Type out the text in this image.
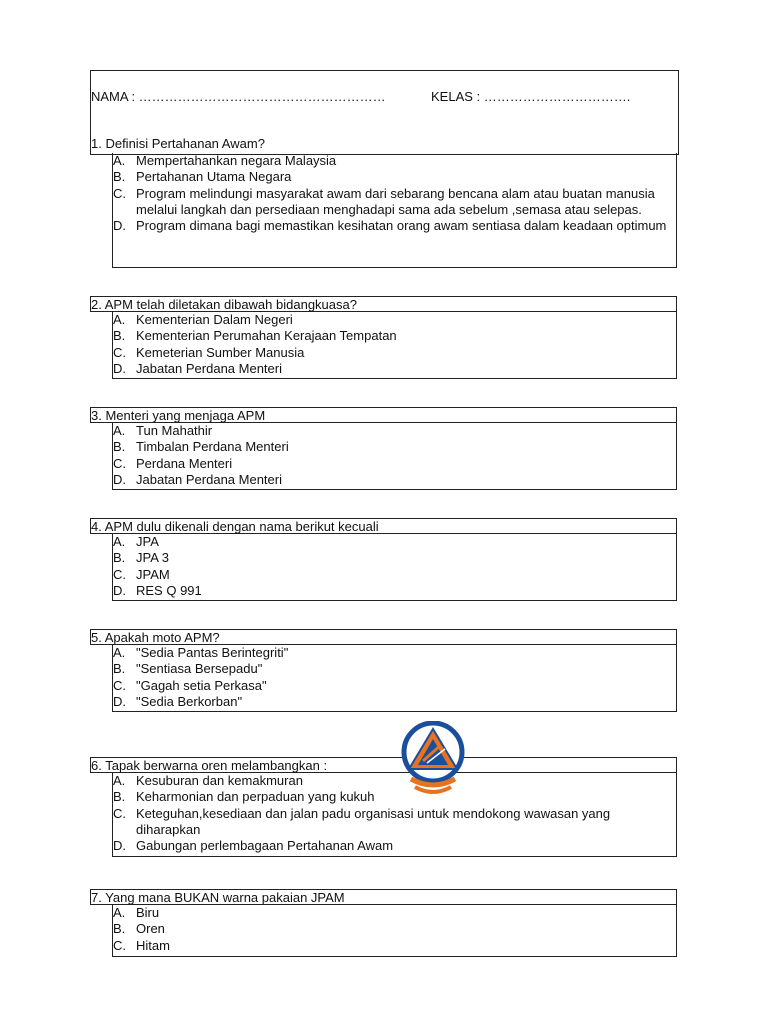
NAMA : …………………………………………………	KELAS : …………………………….
1. Definisi Pertahanan Awam?
A. Mempertahankan negara Malaysia
B. Pertahanan Utama Negara
C. Program melindungi masyarakat awam dari sebarang bencana alam atau buatan manusia melalui langkah dan persediaan menghadapi sama ada sebelum ,semasa atau selepas.
D. Program dimana bagi memastikan kesihatan orang awam sentiasa dalam keadaan optimum
2. APM telah diletakan dibawah bidangkuasa?
A. Kementerian Dalam Negeri
B. Kementerian Perumahan Kerajaan Tempatan
C. Kemeterian Sumber Manusia
D. Jabatan Perdana Menteri
3. Menteri yang menjaga APM
A. Tun Mahathir
B. Timbalan Perdana Menteri
C. Perdana Menteri
D. Jabatan Perdana Menteri
4. APM dulu dikenali dengan nama berikut kecuali
A. JPA
B. JPA 3
C. JPAM
D. RES Q 991
5. Apakah moto APM?
A. "Sedia Pantas Berintegriti"
B. "Sentiasa Bersepadu"
C. "Gagah setia Perkasa"
D. "Sedia Berkorban"
6. Tapak berwarna oren melambangkan :
A. Kesuburan dan kemakmuran
B. Keharmonian dan perpaduan yang kukuh
C. Keteguhan,kesediaan dan jalan padu organisasi untuk mendokong wawasan yang diharapkan
D. Gabungan perlembagaan Pertahanan Awam
7. Yang mana BUKAN warna pakaian JPAM
A. Biru
B. Oren
C. Hitam
